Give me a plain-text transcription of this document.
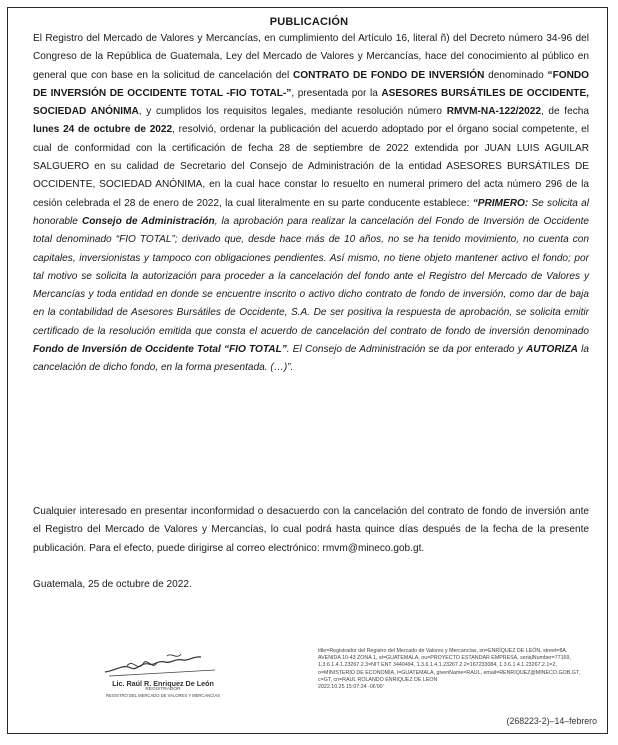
PUBLICACIÓN

El Registro del Mercado de Valores y Mercancías, en cumplimiento del Artículo 16, literal ñ) del Decreto número 34-96 del Congreso de la República de Guatemala, Ley del Mercado de Valores y Mercancías, hace del conocimiento al público en general que con base en la solicitud de cancelación del CONTRATO DE FONDO DE INVERSIÓN denominado “FONDO DE INVERSIÓN DE OCCIDENTE TOTAL -FIO TOTAL-”, presentada por la ASESORES BURSÁTILES DE OCCIDENTE, SOCIEDAD ANÓNIMA, y cumplidos los requisitos legales, mediante resolución número RMVM-NA-122/2022, de fecha lunes 24 de octubre de 2022, resolvió, ordenar la publicación del acuerdo adoptado por el órgano social competente, el cual de conformidad con la certificación de fecha 28 de septiembre de 2022 extendida por JUAN LUIS AGUILAR SALGUERO en su calidad de Secretario del Consejo de Administración de la entidad ASESORES BURSÁTILES DE OCCIDENTE, SOCIEDAD ANÓNIMA, en la cual hace constar lo resuelto en numeral primero del acta número 296 de la cesión celebrada el 28 de enero de 2022, la cual literalmente en su parte conducente establece: “PRIMERO: Se solicita al honorable Consejo de Administración, la aprobación para realizar la cancelación del Fondo de Inversión de Occidente total denominado “FIO TOTAL”; derivado que, desde hace más de 10 años, no se ha tenido movimiento, no cuenta con capitales, inversionistas y tampoco con obligaciones pendientes. Así mismo, no tiene objeto mantener activo el fondo; por tal motivo se solicita la autorización para proceder a la cancelación del fondo ante el Registro del Mercado de Valores y Mercancías y toda entidad en donde se encuentre inscrito o activo dicho contrato de fondo de inversión, como dar de baja en la contabilidad de Asesores Bursátiles de Occidente, S.A. De ser positiva la respuesta de aprobación, se solicita emitir certificado de la resolución emitida que consta el acuerdo de cancelación del contrato de fondo de inversión denominado Fondo de Inversión de Occidente Total “FIO TOTAL”. El Consejo de Administración se da por enterado y AUTORIZA la cancelación de dicho fondo, en la forma presentada. (…)”.

Cualquier interesado en presentar inconformidad o desacuerdo con la cancelación del contrato de fondo de inversión ante el Registro del Mercado de Valores y Mercancías, lo cual podrá hasta quince días después de la fecha de la presente publicación. Para el efecto, puede dirigirse al correo electrónico: rmvm@mineco.gob.gt.

Guatemala, 25 de octubre de 2022.

Lic. Raúl R. Enriquez De León
REGISTRADOR
REGISTRO DEL MERCADO DE VALORES Y MERCANCÍAS
title=Registrador del Registro del Mercado de Valores y Mercancías, sn=ENRÍQUEZ DE LEÓN, street=8A. AVENIDA 10-43 ZONA 1, st=GUATEMALA, ou=PROYECTO ESTANDAR EMPRESA, serialNumber=77169, 1.3.6.1.4.1.23267.2.3=NIT ENT 3440494, 1.3.6.1.4.1.23267.2.2=167233084, 1.3.6.1.4.1.23267.2.1=2, o=MINISTERIO DE ECONOMIA, l=GUATEMALA, givenName=RAUL, email=RENRIQUEZ@MINECO.GOB.GT, c=GT, cn=RAUL ROLANDO ENRIQUEZ DE LEON
2022.10.25 15:07:24 -06'00'
(268223-2)–14–febrero
